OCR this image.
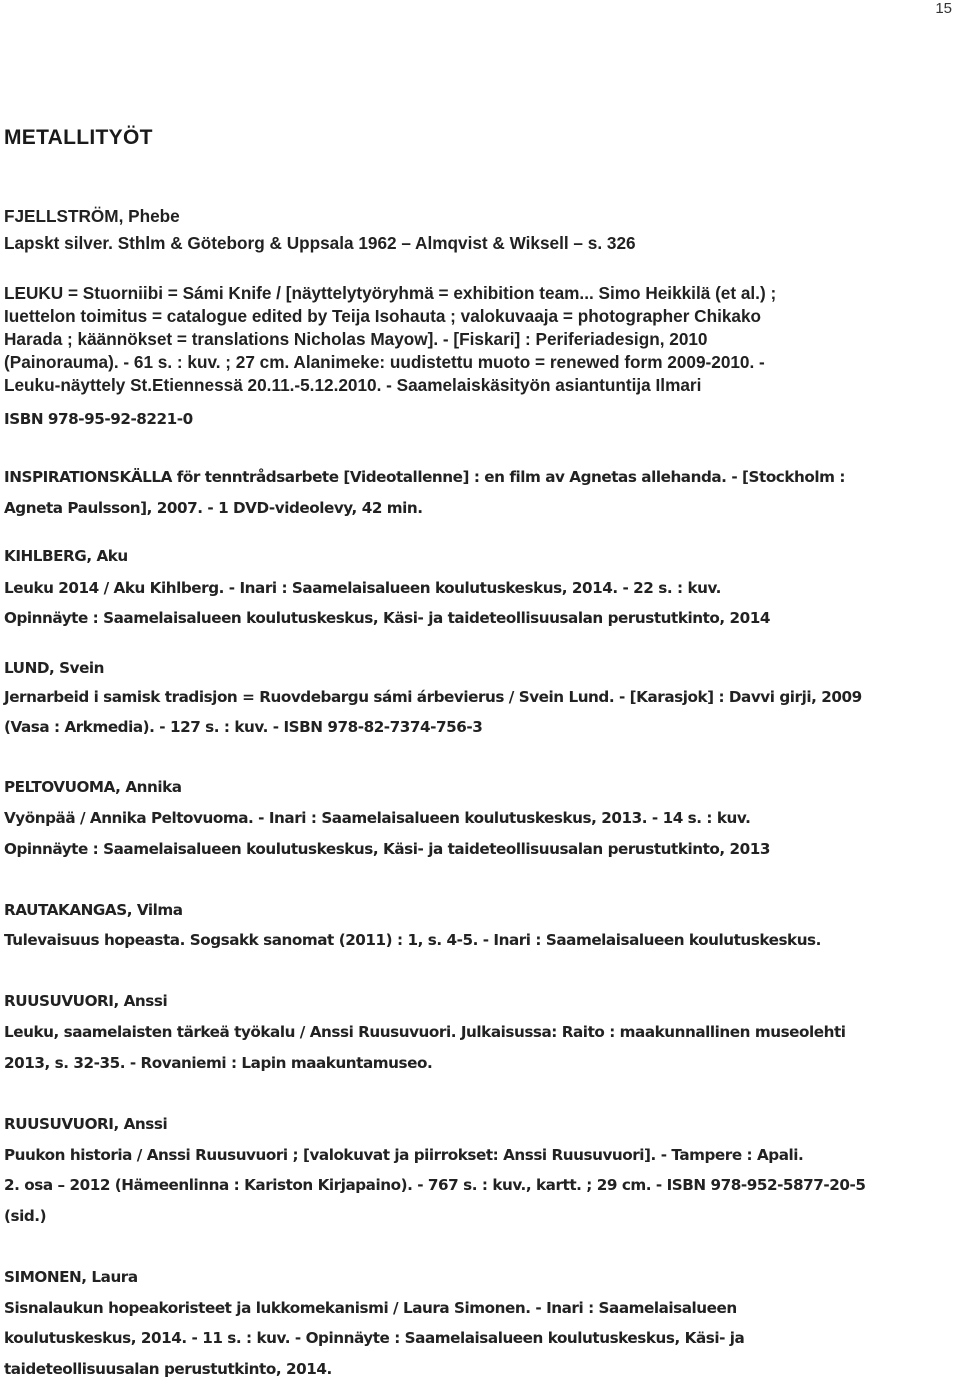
15
METALLITYÖT
FJELLSTRÖM, Phebe
Lapskt silver. Sthlm & Göteborg & Uppsala 1962 – Almqvist & Wiksell – s. 326
LEUKU = Stuorniibi = Sámi Knife / [näyttelytyöryhmä = exhibition team... Simo Heikkilä (et al.) ;
Iuettelon toimitus = catalogue edited by Teija Isohauta ; valokuvaaja = photographer Chikako
Harada ; käännökset = translations Nicholas Mayow]. - [Fiskari] : Periferiadesign, 2010
(Painorauma). - 61 s. : kuv. ; 27 cm. Alanimeke: uudistettu muoto = renewed form 2009-2010. -
Leuku-näyttely St.Etiennessä 20.11.-5.12.2010. - Saamelaiskäsityön asiantuntija Ilmari
ISBN 978-95-92-8221-0
INSPIRATIONSKÄLLA för tenntrådsarbete [Videotallenne] : en film av Agnetas allehanda. - [Stockholm :
Agneta Paulsson], 2007. - 1 DVD-videolevy, 42 min.
KIHLBERG, Aku
Leuku 2014 / Aku Kihlberg. - Inari : Saamelaisalueen koulutuskeskus, 2014. - 22 s. : kuv.
Opinnäyte : Saamelaisalueen koulutuskeskus, Käsi- ja taideteollisuusalan perustutkinto, 2014
LUND, Svein
Jernarbeid i samisk tradisjon = Ruovdebargu sámi árbevierus / Svein Lund. - [Karasjok] : Davvi girji, 2009
(Vasa : Arkmedia). - 127 s. : kuv. - ISBN 978-82-7374-756-3
PELTOVUOMA, Annika
Vyönpää / Annika Peltovuoma. - Inari : Saamelaisalueen koulutuskeskus, 2013. - 14 s. : kuv.
Opinnäyte : Saamelaisalueen koulutuskeskus, Käsi- ja taideteollisuusalan perustutkinto, 2013
RAUTAKANGAS, Vilma
Tulevaisuus hopeasta. Sogsakk sanomat (2011) : 1, s. 4-5. - Inari : Saamelaisalueen koulutuskeskus.
RUUSUVUORI, Anssi
Leuku, saamelaisten tärkeä työkalu / Anssi Ruusuvuori. Julkaisussa: Raito : maakunnallinen museolehti
2013, s. 32-35. - Rovaniemi : Lapin maakuntamuseo.
RUUSUVUORI, Anssi
Puukon historia / Anssi Ruusuvuori ; [valokuvat ja piirrokset: Anssi Ruusuvuori]. - Tampere : Apali.
2. osa – 2012 (Hämeenlinna : Kariston Kirjapaino). - 767 s. : kuv., kartt. ; 29 cm. - ISBN 978-952-5877-20-5
(sid.)
SIMONEN, Laura
Sisnalaukun hopeakoristeet ja lukkomekanismi / Laura Simonen. - Inari : Saamelaisalueen
koulutuskeskus, 2014. - 11 s. : kuv. - Opinnäyte : Saamelaisalueen koulutuskeskus, Käsi- ja
taideteollisuusalan perustutkinto, 2014.
